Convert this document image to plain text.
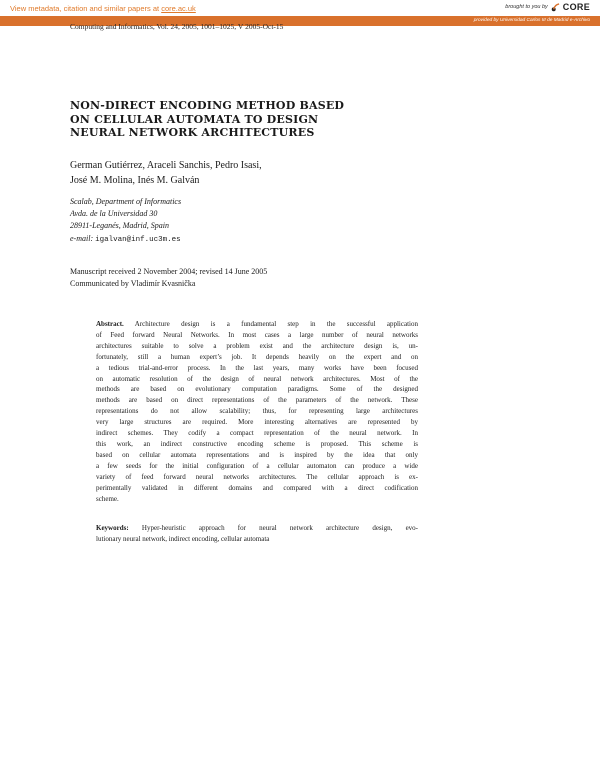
View metadata, citation and similar papers at core.ac.uk	brought to you by CORE
provided by Universidad Carlos III de Madrid e-Archivo
Computing and Informatics, Vol. 24, 2005, 1001–1025, V 2005-Oct-15
NON-DIRECT ENCODING METHOD BASED
ON CELLULAR AUTOMATA TO DESIGN
NEURAL NETWORK ARCHITECTURES
German Gutiérrez, Araceli Sanchis, Pedro Isasi,
José M. Molina, Inés M. Galván
Scalab, Department of Informatics
Avda. de la Universidad 30
28911-Leganés, Madrid, Spain
e-mail: igalvan@inf.uc3m.es
Manuscript received 2 November 2004; revised 14 June 2005
Communicated by Vladimír Kvasnička
Abstract. Architecture design is a fundamental step in the successful application
of Feed forward Neural Networks. In most cases a large number of neural networks
architectures suitable to solve a problem exist and the architecture design is, un-
fortunately, still a human expert’s job. It depends heavily on the expert and on
a tedious trial-and-error process. In the last years, many works have been focused
on automatic resolution of the design of neural network architectures. Most of the
methods are based on evolutionary computation paradigms. Some of the designed
methods are based on direct representations of the parameters of the network. These
representations do not allow scalability; thus, for representing large architectures
very large structures are required. More interesting alternatives are represented by
indirect schemes. They codify a compact representation of the neural network. In
this work, an indirect constructive encoding scheme is proposed. This scheme is
based on cellular automata representations and is inspired by the idea that only
a few seeds for the initial configuration of a cellular automaton can produce a wide
variety of feed forward neural networks architectures. The cellular approach is ex-
perimentally validated in different domains and compared with a direct codification
scheme.
Keywords: Hyper-heuristic approach for neural network architecture design, evo-
lutionary neural network, indirect encoding, cellular automata
